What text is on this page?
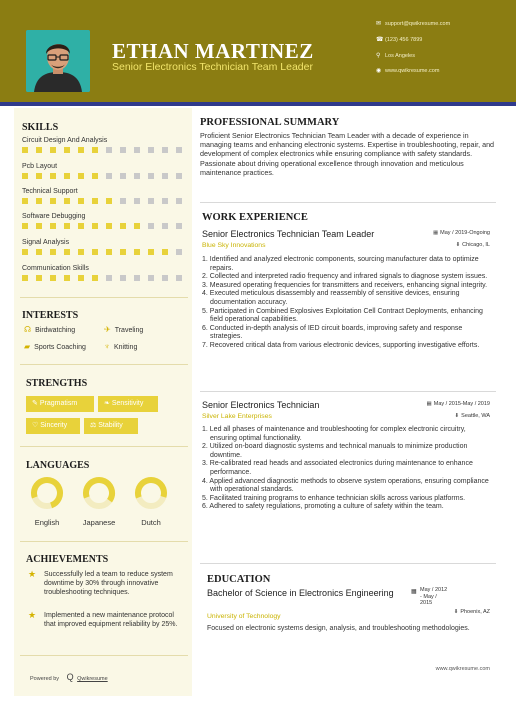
ETHAN MARTINEZ
Senior Electronics Technician Team Leader
✉ support@qwikresume.com
☎ (123) 456 7899
⚲ Los Angeles
◉ www.qwikresume.com
SKILLS
Circuit Design And Analysis
Pcb Layout
Technical Support
Software Debugging
Signal Analysis
Communication Skills
INTERESTS
☊ Birdwatching	✈ Traveling
▰ Sports Coaching ♆ Knitting
STRENGTHS
✎ Pragmatism	❧ Sensitivity
♡ Sincerity	⚖ Stability
LANGUAGES
English	Japanese	Dutch
ACHIEVEMENTS
★ Successfully led a team to reduce system downtime by 30% through innovative troubleshooting techniques.
★ Implemented a new maintenance protocol that improved equipment reliability by 25%.
Powered by Q Qwikresume
PROFESSIONAL SUMMARY
Proficient Senior Electronics Technician Team Leader with a decade of experience in managing teams and enhancing electronic systems. Expertise in troubleshooting, repair, and development of complex electronics while ensuring compliance with safety standards. Passionate about driving operational excellence through innovation and meticulous maintenance practices.
WORK EXPERIENCE
Senior Electronics Technician Team Leader	▦ May / 2019-Ongoing
Blue Sky Innovations	⬇ Chicago, IL
1. Identified and analyzed electronic components, sourcing manufacturer data to optimize repairs.
2. Collected and interpreted radio frequency and infrared signals to diagnose system issues.
3. Measured operating frequencies for transmitters and receivers, enhancing signal integrity.
4. Executed meticulous disassembly and reassembly of sensitive devices, ensuring documentation accuracy.
5. Participated in Combined Explosives Exploitation Cell Contract Deployments, enhancing field operational capabilities.
6. Conducted in-depth analysis of IED circuit boards, improving safety and response strategies.
7. Recovered critical data from various electronic devices, supporting investigative efforts.
Senior Electronics Technician	▦ May / 2015-May / 2019
Silver Lake Enterprises	⬇ Seattle, WA
1. Led all phases of maintenance and troubleshooting for complex electronic circuitry, ensuring optimal functionality.
2. Utilized on-board diagnostic systems and technical manuals to minimize production downtime.
3. Re-calibrated read heads and associated electronics during maintenance to enhance performance.
4. Applied advanced diagnostic methods to observe system operations, ensuring compliance with operational standards.
5. Facilitated training programs to enhance technician skills across various platforms.
6. Adhered to safety regulations, promoting a culture of safety within the team.
EDUCATION
Bachelor of Science in Electronics Engineering
University of Technology
▦ May / 2012 - May / 2015
⬇ Phoenix, AZ
Focused on electronic systems design, analysis, and troubleshooting methodologies.
www.qwikresume.com
